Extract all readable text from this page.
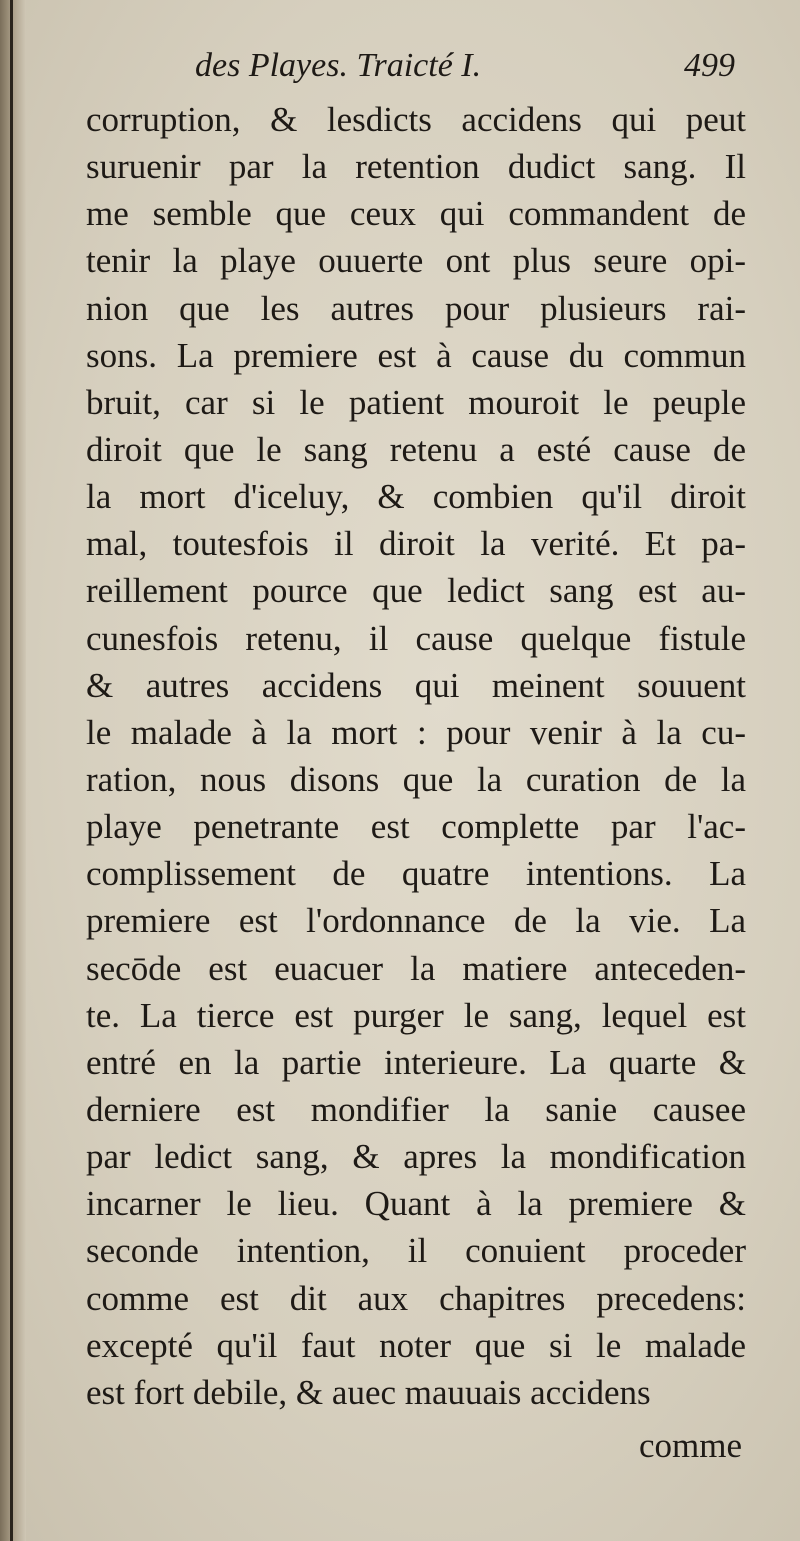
des Playes. Traicté I.	499
corruption, & lesdicts accidens qui peut
suruenir par la retention dudict sang. Il
me semble que ceux qui commandent de
tenir la playe ouuerte ont plus seure opi-
nion que les autres pour plusieurs rai-
sons. La premiere est à cause du commun
bruit, car si le patient mouroit le peuple
diroit que le sang retenu a esté cause de
la mort d'iceluy, & combien qu'il diroit
mal, toutesfois il diroit la verité. Et pa-
reillement pource que ledict sang est au-
cunesfois retenu, il cause quelque fistule
& autres accidens qui meinent souuent
le malade à la mort : pour venir à la cu-
ration, nous disons que la curation de la
playe penetrante est complette par l'ac-
complissement de quatre intentions. La
premiere est l'ordonnance de la vie. La
secōde est euacuer la matiere anteceden-
te. La tierce est purger le sang, lequel est
entré en la partie interieure. La quarte &
derniere est mondifier la sanie causee
par ledict sang, & apres la mondification
incarner le lieu. Quant à la premiere &
seconde intention, il conuient proceder
comme est dit aux chapitres precedens:
excepté qu'il faut noter que si le malade
est fort debile, & auec mauuais accidens
comme
